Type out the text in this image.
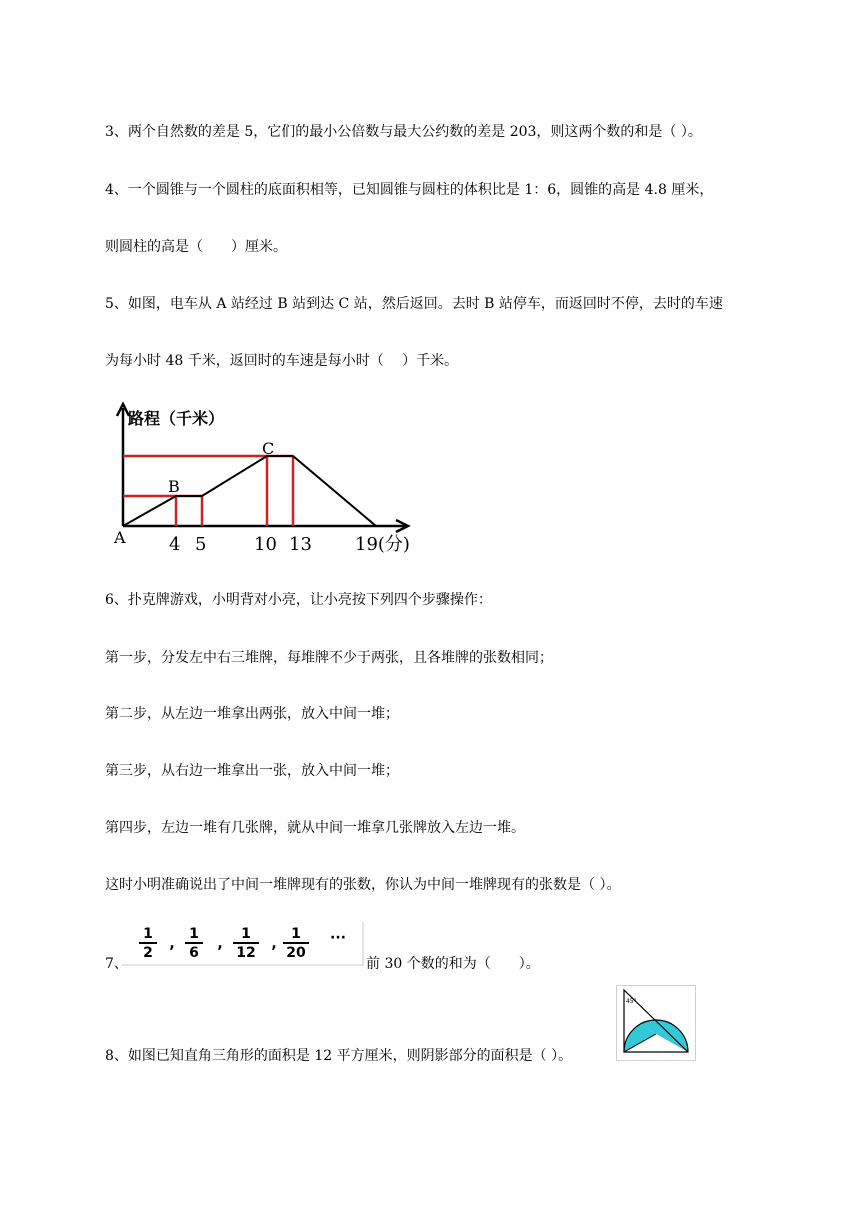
3、两个自然数的差是 5，它们的最小公倍数与最大公约数的差是 203，则这两个数的和是（ ）。
4、一个圆锥与一个圆柱的底面积相等，已知圆锥与圆柱的体积比是 1：6，圆锥的高是 4.8 厘米，
则圆柱的高是（　　）厘米。
5、如图，电车从 A 站经过 B 站到达 C 站，然后返回。去时 B 站停车，而返回时不停，去时的车速
为每小时 48 千米，返回时的车速是每小时（　 ）千米。
路程（千米）
A
B
C
4 5	10 13 19(分)
6、扑克牌游戏，小明背对小亮，让小亮按下列四个步骤操作：
第一步，分发左中右三堆牌，每堆牌不少于两张，且各堆牌的张数相同；
第二步，从左边一堆拿出两张，放入中间一堆；
第三步，从右边一堆拿出一张，放入中间一堆；
第四步，左边一堆有几张牌，就从中间一堆拿几张牌放入左边一堆。
这时小明准确说出了中间一堆牌现有的张数，你认为中间一堆牌现有的张数是（ ）。
7、
1
2
,
1
6
,
1
12
,
1
20
···
前 30 个数的和为（　　）。
8、如图已知直角三角形的面积是 12 平方厘米，则阴影部分的面积是（ ）。
45°
